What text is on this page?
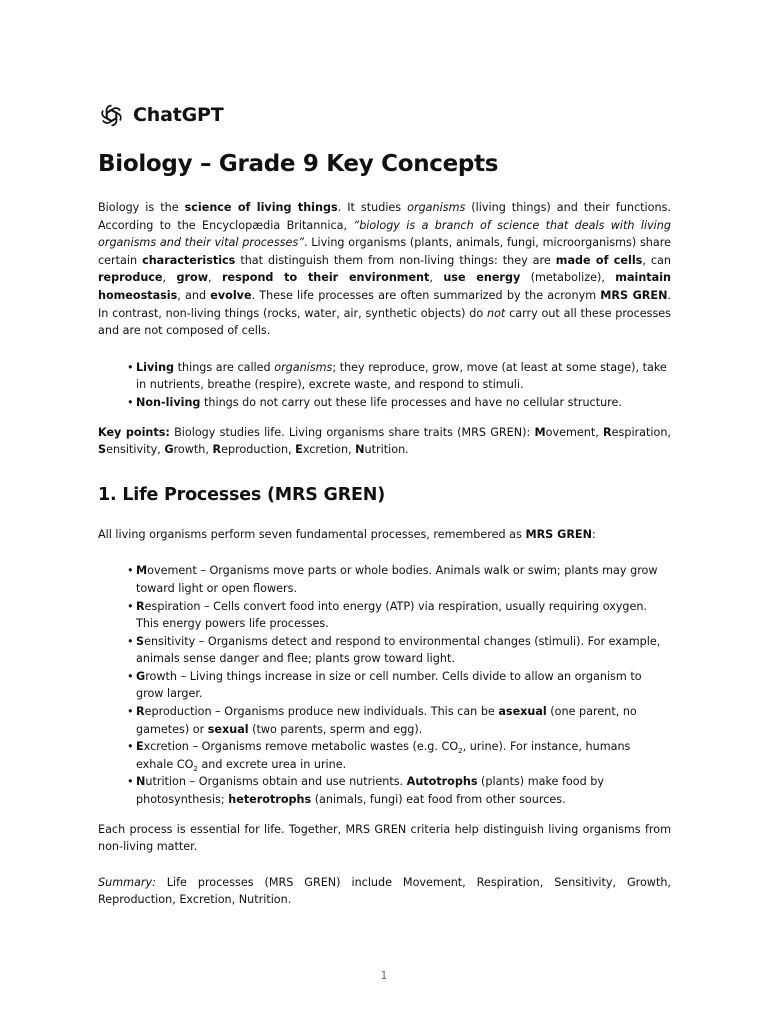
ChatGPT
Biology – Grade 9 Key Concepts

Biology is the science of living things. It studies organisms (living things) and their functions. According to the Encyclopædia Britannica, “biology is a branch of science that deals with living organisms and their vital processes”. Living organisms (plants, animals, fungi, microorganisms) share certain characteristics that distinguish them from non-living things: they are made of cells, can reproduce, grow, respond to their environment, use energy (metabolize), maintain homeostasis, and evolve. These life processes are often summarized by the acronym MRS GREN. In contrast, non-living things (rocks, water, air, synthetic objects) do not carry out all these processes and are not composed of cells.

• Living things are called organisms; they reproduce, grow, move (at least at some stage), take in nutrients, breathe (respire), excrete waste, and respond to stimuli.
• Non-living things do not carry out these life processes and have no cellular structure.

Key points: Biology studies life. Living organisms share traits (MRS GREN): Movement, Respiration, Sensitivity, Growth, Reproduction, Excretion, Nutrition.

1. Life Processes (MRS GREN)

All living organisms perform seven fundamental processes, remembered as MRS GREN:

• Movement – Organisms move parts or whole bodies. Animals walk or swim; plants may grow toward light or open flowers.
• Respiration – Cells convert food into energy (ATP) via respiration, usually requiring oxygen. This energy powers life processes.
• Sensitivity – Organisms detect and respond to environmental changes (stimuli). For example, animals sense danger and flee; plants grow toward light.
• Growth – Living things increase in size or cell number. Cells divide to allow an organism to grow larger.
• Reproduction – Organisms produce new individuals. This can be asexual (one parent, no gametes) or sexual (two parents, sperm and egg).
• Excretion – Organisms remove metabolic wastes (e.g. $CO_2$, urine). For instance, humans exhale $CO_2$ and excrete urea in urine.
• Nutrition – Organisms obtain and use nutrients. Autotrophs (plants) make food by photosynthesis; heterotrophs (animals, fungi) eat food from other sources.

Each process is essential for life. Together, MRS GREN criteria help distinguish living organisms from non-living matter.

Summary: Life processes (MRS GREN) include Movement, Respiration, Sensitivity, Growth, Reproduction, Excretion, Nutrition.

1
